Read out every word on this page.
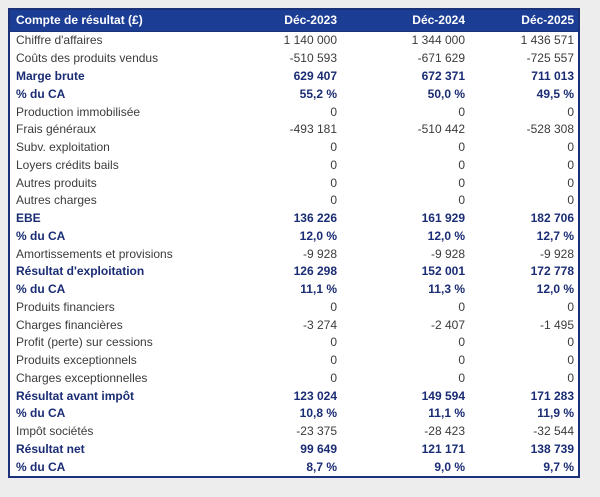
Compte de résultat (£)	Déc-2023	Déc-2024	Déc-2025
Chiffre d'affaires	1 140 000	1 344 000	1 436 571
Coûts des produits vendus	-510 593	-671 629	-725 557
Marge brute	629 407	672 371	711 013
% du CA	55,2 %	50,0 %	49,5 %
Production immobilisée	0	0	0
Frais généraux	-493 181	-510 442	-528 308
Subv. exploitation	0	0	0
Loyers crédits bails	0	0	0
Autres produits	0	0	0
Autres charges	0	0	0
EBE	136 226	161 929	182 706
% du CA	12,0 %	12,0 %	12,7 %
Amortissements et provisions	-9 928	-9 928	-9 928
Résultat d'exploitation	126 298	152 001	172 778
% du CA	11,1 %	11,3 %	12,0 %
Produits financiers	0	0	0
Charges financières	-3 274	-2 407	-1 495
Profit (perte) sur cessions	0	0	0
Produits exceptionnels	0	0	0
Charges exceptionnelles	0	0	0
Résultat avant impôt	123 024	149 594	171 283
% du CA	10,8 %	11,1 %	11,9 %
Impôt sociétés	-23 375	-28 423	-32 544
Résultat net	99 649	121 171	138 739
% du CA	8,7 %	9,0 %	9,7 %
